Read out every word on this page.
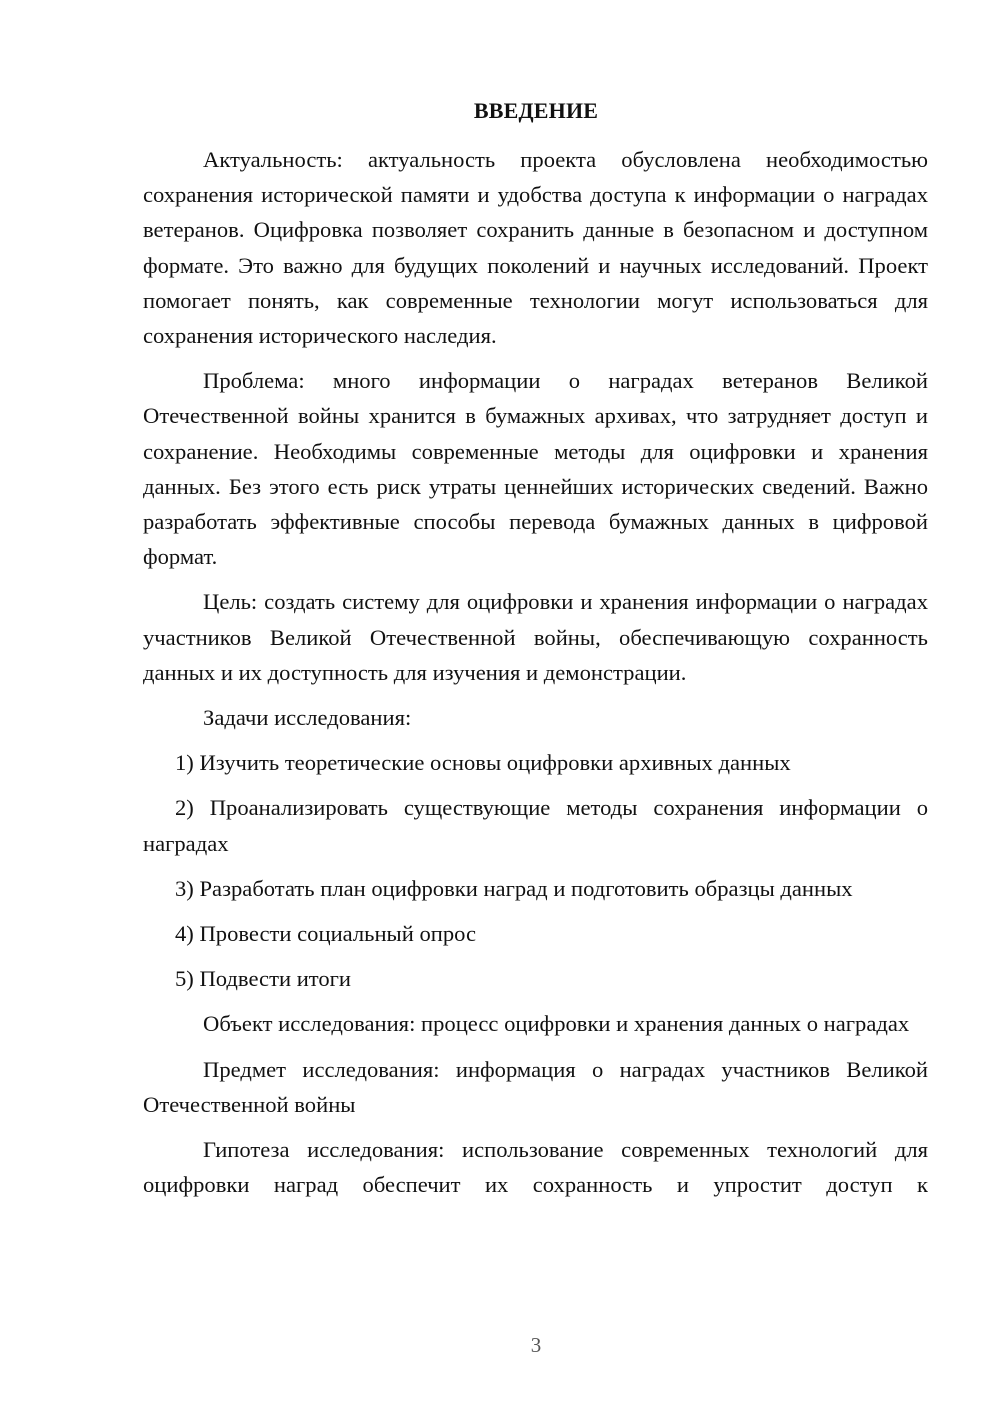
ВВЕДЕНИЕ

Актуальность: актуальность проекта обусловлена необходимостью сохранения исторической памяти и удобства доступа к информации о наградах ветеранов. Оцифровка позволяет сохранить данные в безопасном и доступном формате. Это важно для будущих поколений и научных исследований. Проект помогает понять, как современные технологии могут использоваться для сохранения исторического наследия.

Проблема: много информации о наградах ветеранов Великой Отечественной войны хранится в бумажных архивах, что затрудняет доступ и сохранение. Необходимы современные методы для оцифровки и хранения данных. Без этого есть риск утраты ценнейших исторических сведений. Важно разработать эффективные способы перевода бумажных данных в цифровой формат.

Цель: создать систему для оцифровки и хранения информации о наградах участников Великой Отечественной войны, обеспечивающую сохранность данных и их доступность для изучения и демонстрации.

Задачи исследования:

1) Изучить теоретические основы оцифровки архивных данных

2) Проанализировать существующие методы сохранения информации о наградах

3) Разработать план оцифровки наград и подготовить образцы данных

4) Провести социальный опрос

5) Подвести итоги

Объект исследования: процесс оцифровки и хранения данных о наградах

Предмет исследования: информация о наградах участников Великой Отечественной войны

Гипотеза исследования: использование современных технологий для оцифровки наград обеспечит их сохранность и упростит доступ к

3
